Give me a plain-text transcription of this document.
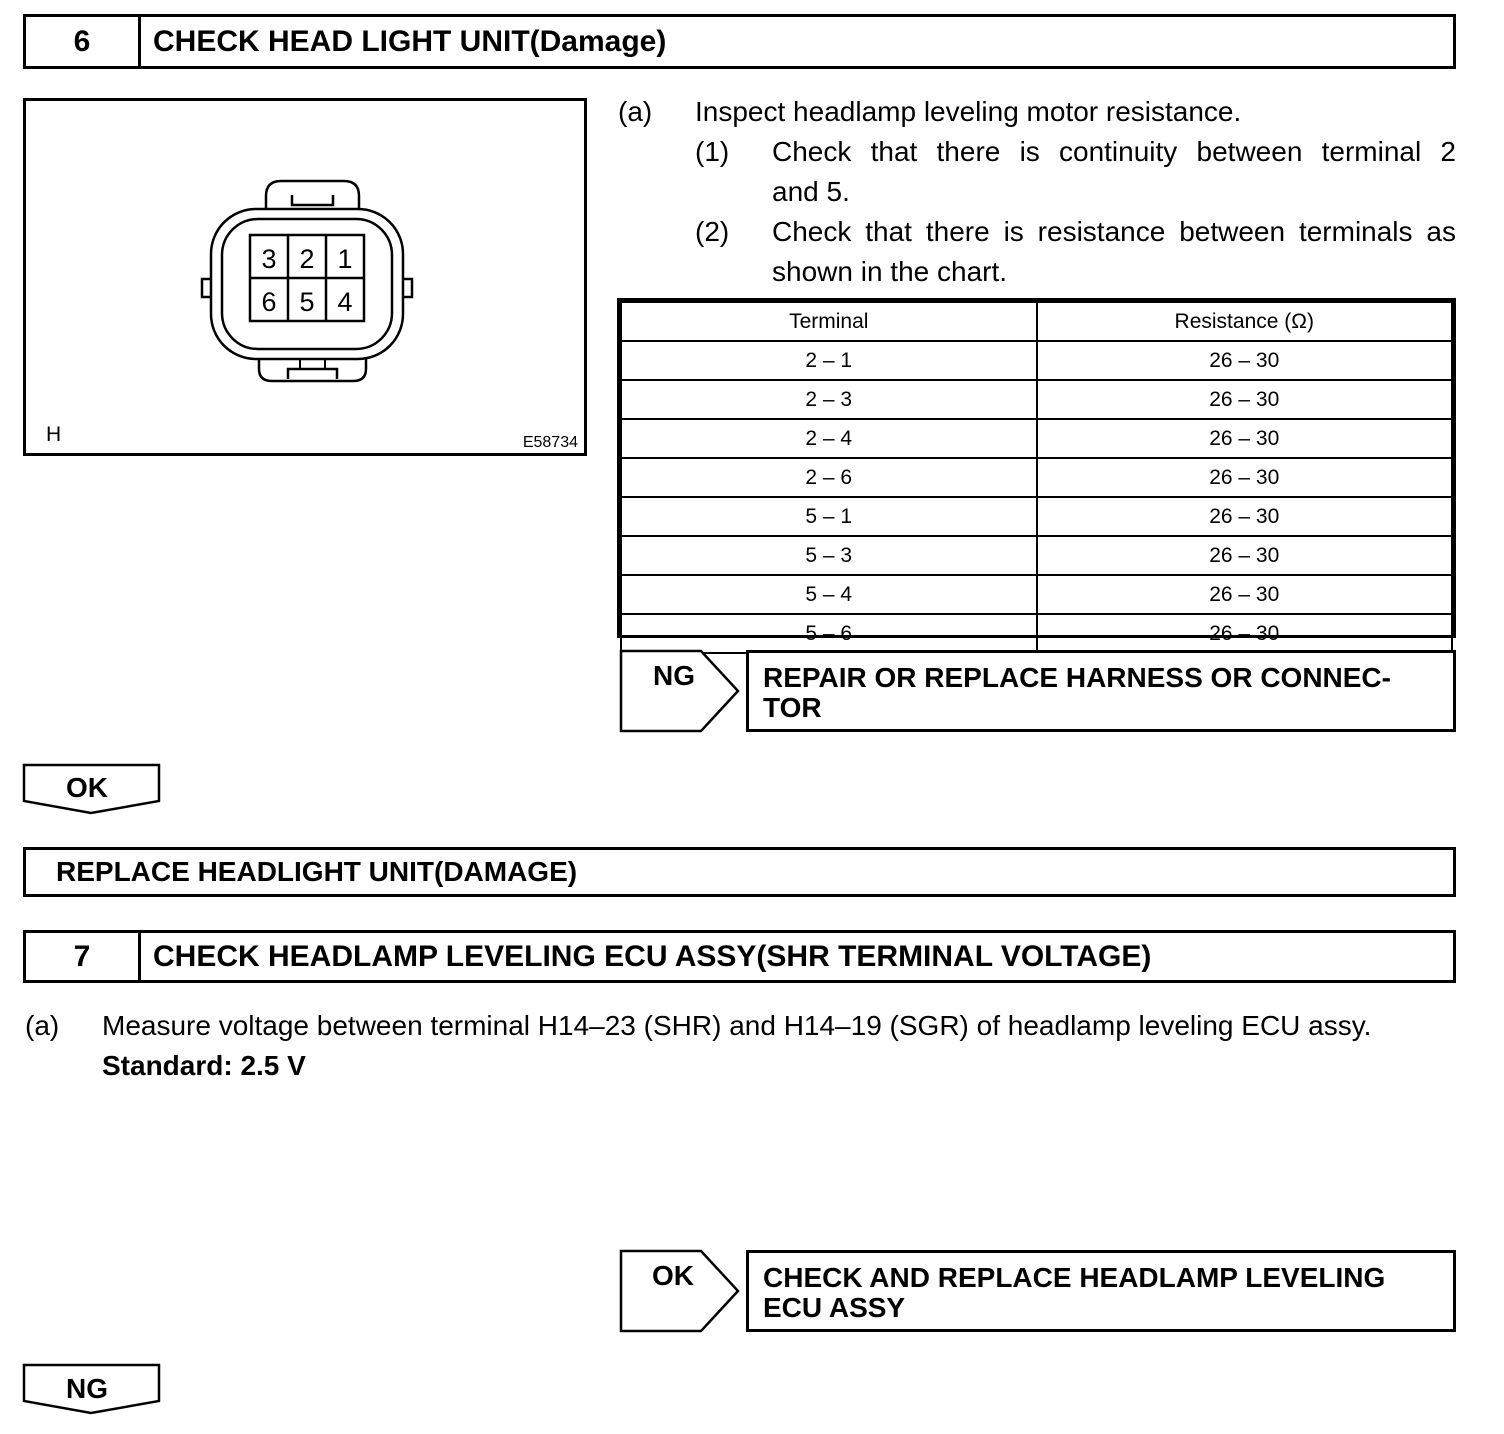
6	CHECK HEAD LIGHT UNIT(Damage)
3 2 1
6 5 4
H	E58734
(a) Inspect headlamp leveling motor resistance.
(1) Check that there is continuity between terminal 2
and 5.
(2) Check that there is resistance between terminals as
shown in the chart.
Terminal	Resistance (Ω)
2 – 1	26 – 30
2 – 3	26 – 30
2 – 4	26 – 30
2 – 6	26 – 30
5 – 1	26 – 30
5 – 3	26 – 30
5 – 4	26 – 30
5 – 6	26 – 30
NG	REPAIR OR REPLACE HARNESS OR CONNEC-
TOR
OK
REPLACE HEADLIGHT UNIT(DAMAGE)
7	CHECK HEADLAMP LEVELING ECU ASSY(SHR TERMINAL VOLTAGE)
(a) Measure voltage between terminal H14–23 (SHR) and H14–19 (SGR) of headlamp leveling ECU assy.
Standard: 2.5 V
OK	CHECK AND REPLACE HEADLAMP LEVELING
ECU ASSY
NG
